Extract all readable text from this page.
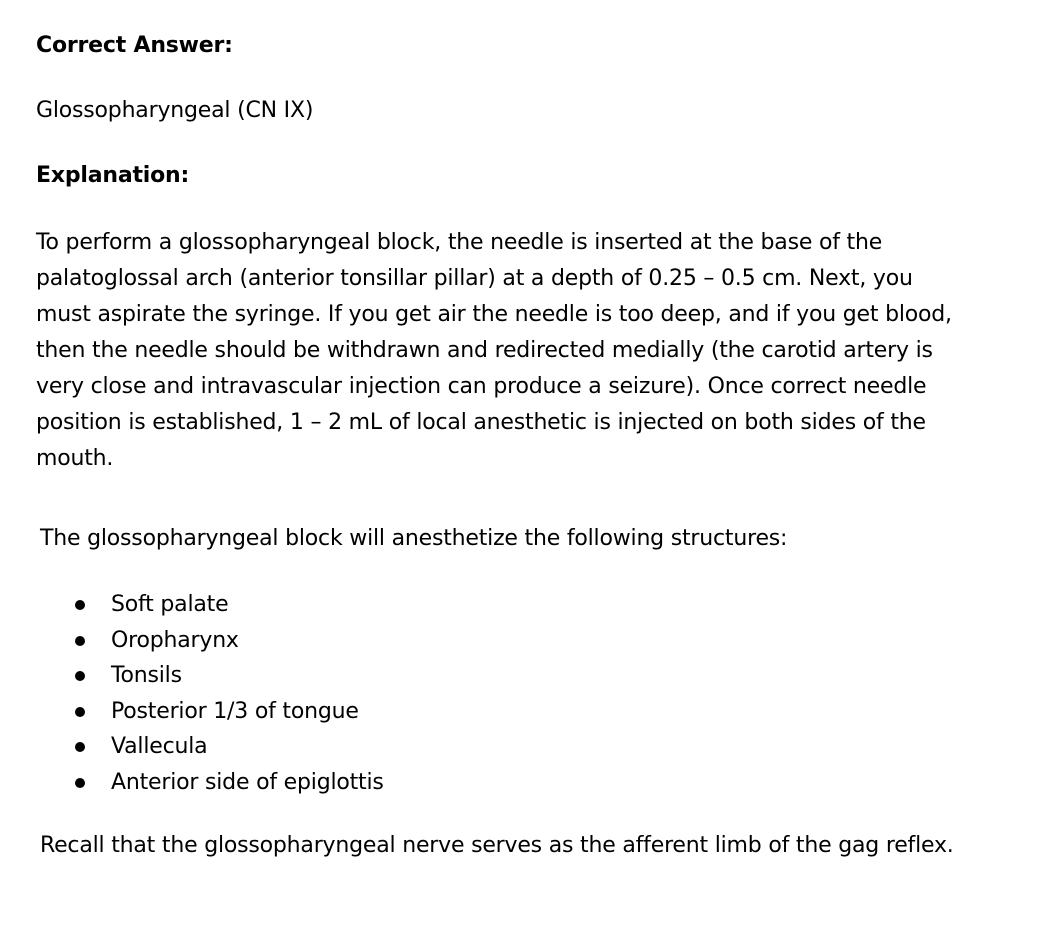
Correct Answer:
Glossopharyngeal (CN IX)
Explanation:
To perform a glossopharyngeal block, the needle is inserted at the base of the
palatoglossal arch (anterior tonsillar pillar) at a depth of 0.25 – 0.5 cm. Next, you
must aspirate the syringe. If you get air the needle is too deep, and if you get blood,
then the needle should be withdrawn and redirected medially (the carotid artery is
very close and intravascular injection can produce a seizure). Once correct needle
position is established, 1 – 2 mL of local anesthetic is injected on both sides of the
mouth.
The glossopharyngeal block will anesthetize the following structures:
Soft palate
Oropharynx
Tonsils
Posterior 1/3 of tongue
Vallecula
Anterior side of epiglottis
Recall that the glossopharyngeal nerve serves as the afferent limb of the gag reflex.
